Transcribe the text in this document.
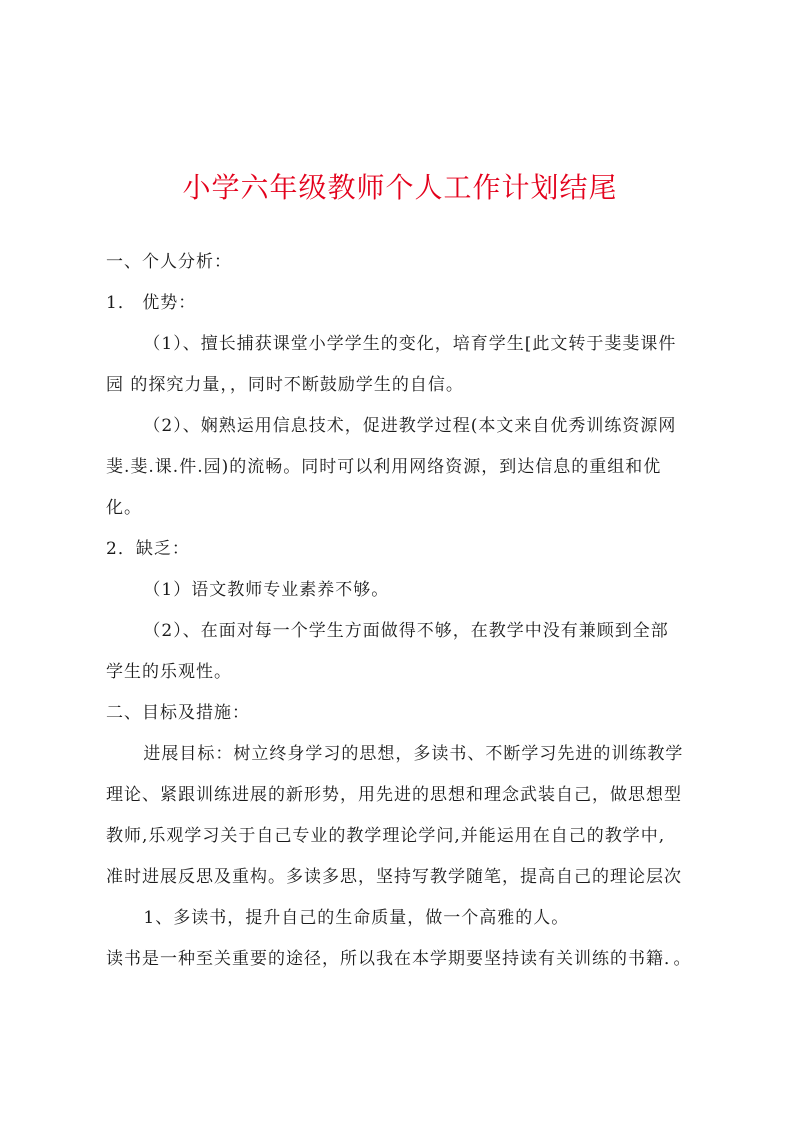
小学六年级教师个人工作计划结尾

一、个人分析：

1． 优势：

（1）、擅长捕获课堂小学学生的变化，培育学生[此文转于斐斐课件

园 的探究力量，，同时不断鼓励学生的自信。

（2）、娴熟运用信息技术，促进教学过程(本文来自优秀训练资源网

斐.斐.课.件.园)的流畅。同时可以利用网络资源，到达信息的重组和优

化。

2．缺乏：

（1）语文教师专业素养不够。

（2）、在面对每一个学生方面做得不够，在教学中没有兼顾到全部

学生的乐观性。

二、目标及措施：

进展目标：树立终身学习的思想，多读书、不断学习先进的训练教学

理论、紧跟训练进展的新形势，用先进的思想和理念武装自己，做思想型

教师,乐观学习关于自己专业的教学理论学问,并能运用在自己的教学中,

准时进展反思及重构。多读多思，坚持写教学随笔，提高自己的理论层次

1、多读书，提升自己的生命质量，做一个高雅的人。

读书是一种至关重要的途径，所以我在本学期要坚持读有关训练的书籍．。
